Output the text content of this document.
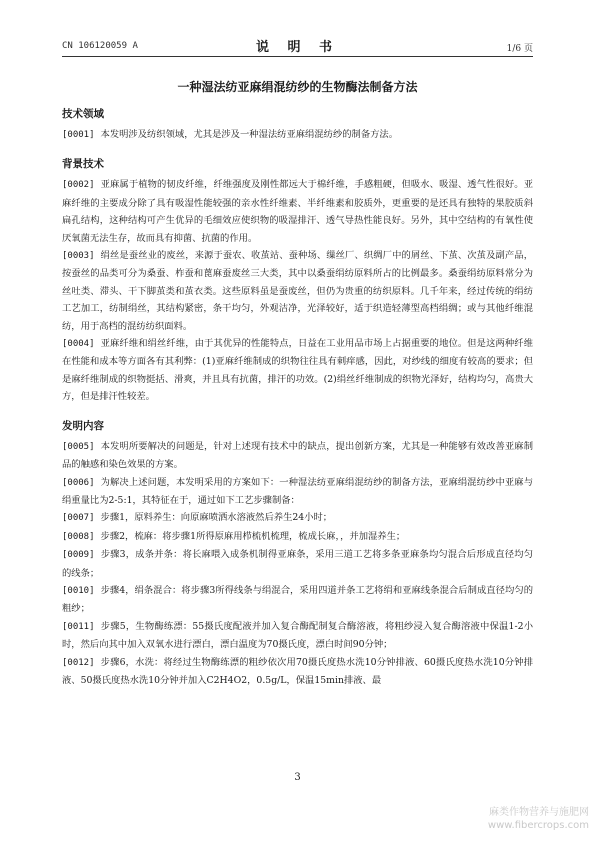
CN 106120059 A	说 明 书	1/6 页
一种湿法纺亚麻绢混纺纱的生物酶法制备方法
技术领域

[0001] 本发明涉及纺织领域，尤其是涉及一种湿法纺亚麻绢混纺纱的制备方法。

背景技术

[0002] 亚麻属于植物的韧皮纤维，纤维强度及刚性都远大于棉纤维，手感粗硬，但吸水、吸湿、透气性很好。亚麻纤维的主要成分除了具有吸湿性能较强的亲水性纤维素、半纤维素和胶质外，更重要的是还具有独特的果胶质斜扁孔结构，这种结构可产生优异的毛细效应使织物的吸湿排汗、透气导热性能良好。另外，其中空结构的有氧性使厌氧菌无法生存，故而具有抑菌、抗菌的作用。

[0003] 绢丝是蚕丝业的废丝，来源于蚕农、收茧站、蚕种场、缫丝厂、织绸厂中的屑丝、下茧、次茧及副产品，按蚕丝的品类可分为桑蚕、柞蚕和蓖麻蚕废丝三大类，其中以桑蚕绢纺原料所占的比例最多。桑蚕绢纺原料常分为丝吐类、滞头、干下脚茧类和茧衣类。这些原料虽是蚕废丝，但仍为贵重的纺织原料。几千年来，经过传统的绢纺工艺加工，纺制绢丝，其结构紧密，条干均匀，外观洁净，光泽较好，适于织造轻薄型高档绢绸；或与其他纤维混纺，用于高档的混纺纺织面料。

[0004] 亚麻纤维和绢丝纤维，由于其优异的性能特点，日益在工业用品市场上占据重要的地位。但是这两种纤维在性能和成本等方面各有其利弊：(1)亚麻纤维制成的织物往往具有刺痒感，因此，对纱线的细度有较高的要求；但是麻纤维制成的织物挺括、滑爽，并且具有抗菌，排汗的功效。(2)绢丝纤维制成的织物光泽好，结构均匀，高贵大方，但是排汗性较差。

发明内容

[0005] 本发明所要解决的问题是，针对上述现有技术中的缺点，提出创新方案，尤其是一种能够有效改善亚麻制品的触感和染色效果的方案。

[0006] 为解决上述问题，本发明采用的方案如下：一种湿法纺亚麻绢混纺纱的制备方法，亚麻绢混纺纱中亚麻与绢重量比为2-5:1，其特征在于，通过如下工艺步骤制备：

[0007] 步骤1，原料养生：向原麻喷洒水溶液然后养生24小时；

[0008] 步骤2，梳麻：将步骤1所得原麻用栉梳机梳理，梳成长麻，，并加湿养生；

[0009] 步骤3，成条并条：将长麻喂入成条机制得亚麻条，采用三道工艺将多条亚麻条均匀混合后形成直径均匀的线条；

[0010] 步骤4，绢条混合：将步骤3所得线条与绢混合，采用四道并条工艺将绢和亚麻线条混合后制成直径均匀的粗纱；

[0011] 步骤5，生物酶练漂：55摄氏度配液并加入复合酶配制复合酶溶液，将粗纱浸入复合酶溶液中保温1-2小时，然后向其中加入双氧水进行漂白，漂白温度为70摄氏度，漂白时间90分钟；

[0012] 步骤6，水洗：将经过生物酶练漂的粗纱依次用70摄氏度热水洗10分钟排液、60摄氏度热水洗10分钟排液、50摄氏度热水洗10分钟并加入C2H4O2，0.5g/L，保温15min排液、最

3
麻类作物营养与施肥网
www.fibercrops.com
